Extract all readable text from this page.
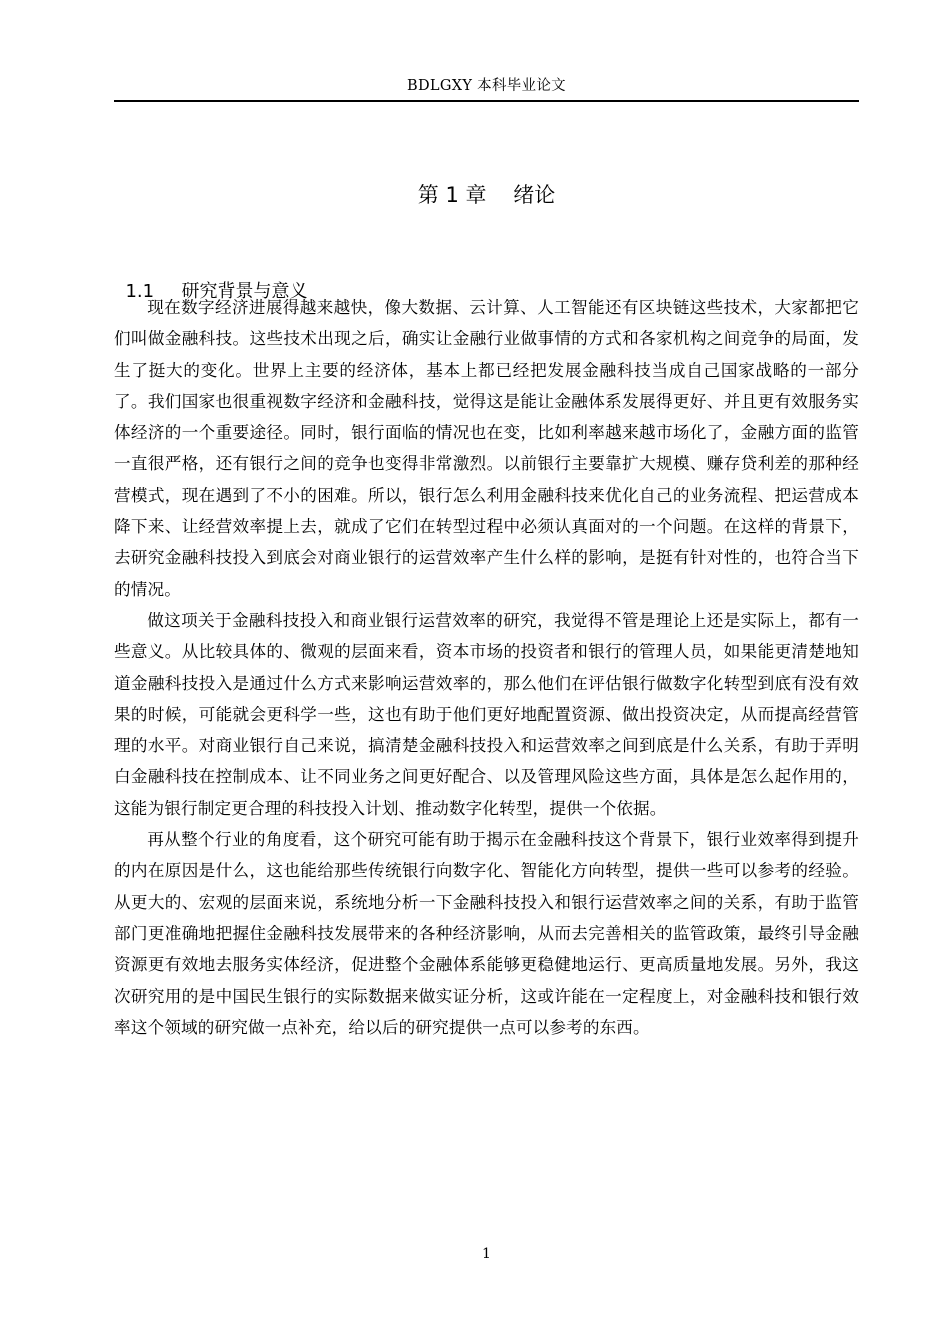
BDLGXY 本科毕业论文
第 1 章    绪论

1.1 研究背景与意义

现在数字经济进展得越来越快，像大数据、云计算、人工智能还有区块链这些技术，大家都把它们叫做金融科技。这些技术出现之后，确实让金融行业做事情的方式和各家机构之间竞争的局面，发生了挺大的变化。世界上主要的经济体，基本上都已经把发展金融科技当成自己国家战略的一部分了。我们国家也很重视数字经济和金融科技，觉得这是能让金融体系发展得更好、并且更有效服务实体经济的一个重要途径。同时，银行面临的情况也在变，比如利率越来越市场化了，金融方面的监管一直很严格，还有银行之间的竞争也变得非常激烈。以前银行主要靠扩大规模、赚存贷利差的那种经营模式，现在遇到了不小的困难。所以，银行怎么利用金融科技来优化自己的业务流程、把运营成本降下来、让经营效率提上去，就成了它们在转型过程中必须认真面对的一个问题。在这样的背景下，去研究金融科技投入到底会对商业银行的运营效率产生什么样的影响，是挺有针对性的，也符合当下的情况。

做这项关于金融科技投入和商业银行运营效率的研究，我觉得不管是理论上还是实际上，都有一些意义。从比较具体的、微观的层面来看，资本市场的投资者和银行的管理人员，如果能更清楚地知道金融科技投入是通过什么方式来影响运营效率的，那么他们在评估银行做数字化转型到底有没有效果的时候，可能就会更科学一些，这也有助于他们更好地配置资源、做出投资决定，从而提高经营管理的水平。对商业银行自己来说，搞清楚金融科技投入和运营效率之间到底是什么关系，有助于弄明白金融科技在控制成本、让不同业务之间更好配合、以及管理风险这些方面，具体是怎么起作用的，这能为银行制定更合理的科技投入计划、推动数字化转型，提供一个依据。

再从整个行业的角度看，这个研究可能有助于揭示在金融科技这个背景下，银行业效率得到提升的内在原因是什么，这也能给那些传统银行向数字化、智能化方向转型，提供一些可以参考的经验。从更大的、宏观的层面来说，系统地分析一下金融科技投入和银行运营效率之间的关系，有助于监管部门更准确地把握住金融科技发展带来的各种经济影响，从而去完善相关的监管政策，最终引导金融资源更有效地去服务实体经济，促进整个金融体系能够更稳健地运行、更高质量地发展。另外，我这次研究用的是中国民生银行的实际数据来做实证分析，这或许能在一定程度上，对金融科技和银行效率这个领域的研究做一点补充，给以后的研究提供一点可以参考的东西。

1
